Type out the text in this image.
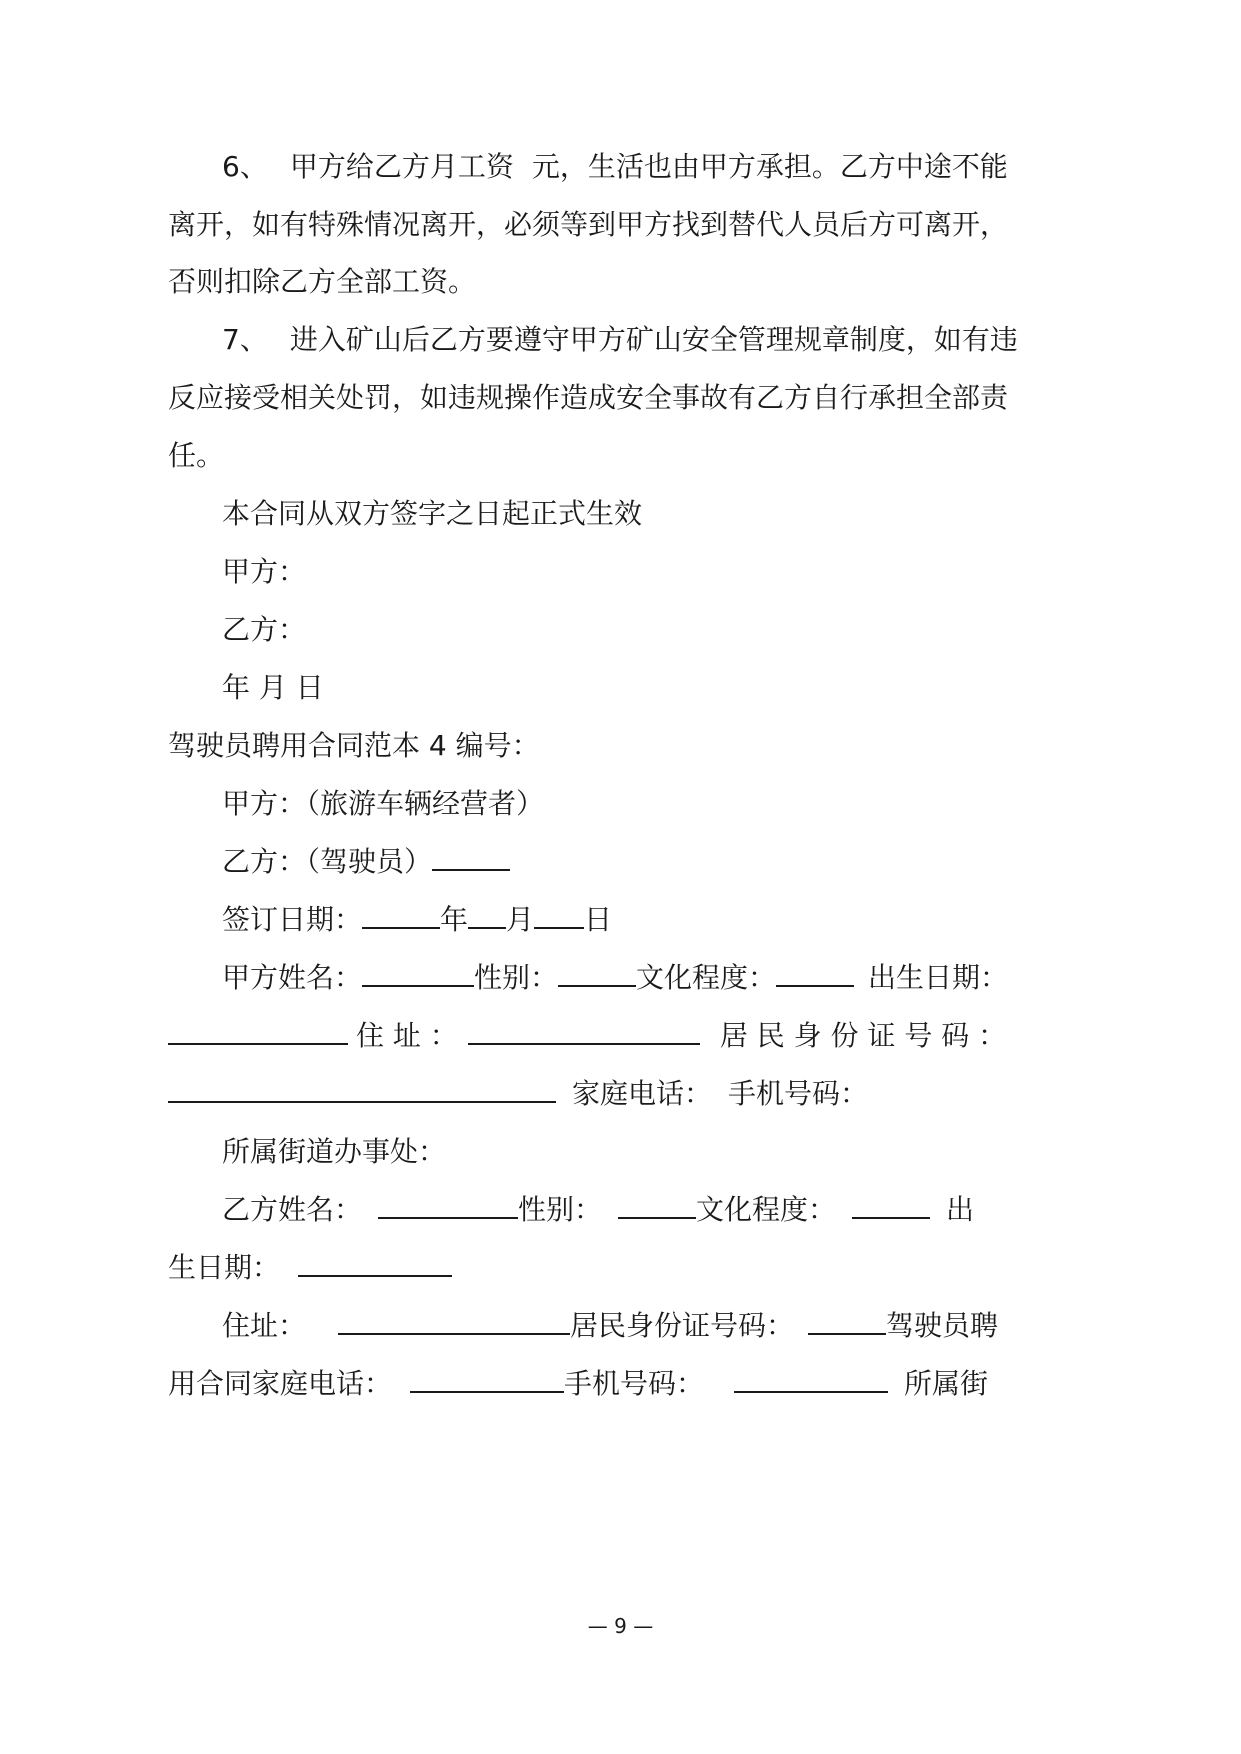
6、 甲方给乙方月工资 元，生活也由甲方承担。乙方中途不能
离开，如有特殊情况离开，必须等到甲方找到替代人员后方可离开，
否则扣除乙方全部工资。
7、 进入矿山后乙方要遵守甲方矿山安全管理规章制度，如有违
反应接受相关处罚，如违规操作造成安全事故有乙方自行承担全部责
任。
本合同从双方签字之日起正式生效
甲方：
乙方：
年 月 日
驾驶员聘用合同范本 4 编号：
甲方：（旅游车辆经营者）
乙方：（驾驶员）
签订日期：	年 月 日
甲方姓名：	性别：	文化程度：	出生日期：
住 址 ：	居 民 身 份 证 号 码 ：
家庭电话： 手机号码：
所属街道办事处：
乙方姓名：	性别：	文化程度：	出
生日期：
住址：	居民身份证号码：	驾驶员聘
用合同家庭电话：	手机号码：	所属街
— 9 —
